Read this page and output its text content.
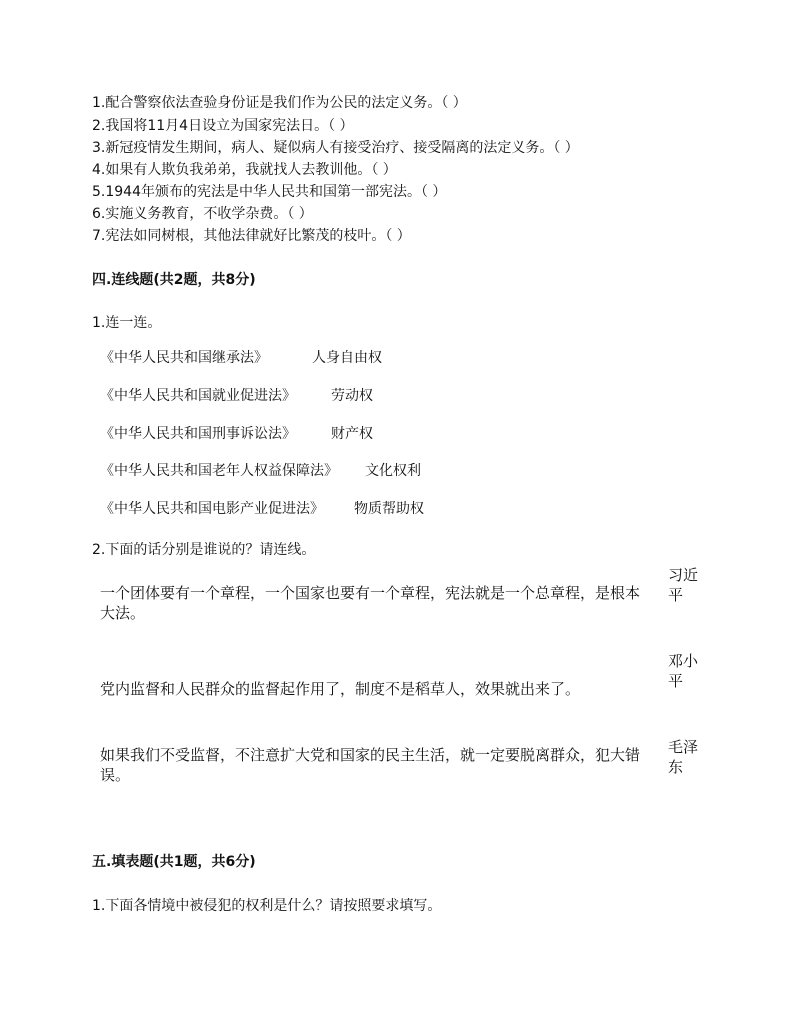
1.配合警察依法查验身份证是我们作为公民的法定义务。（ ）
2.我国将11月4日设立为国家宪法日。（ ）
3.新冠疫情发生期间，病人、疑似病人有接受治疗、接受隔离的法定义务。（ ）
4.如果有人欺负我弟弟，我就找人去教训他。（ ）
5.1944年颁布的宪法是中华人民共和国第一部宪法。（ ）
6.实施义务教育，不收学杂费。（ ）
7.宪法如同树根，其他法律就好比繁茂的枝叶。（ ）
四.连线题(共2题，共8分)
1.连一连。
《中华人民共和国继承法》
《中华人民共和国就业促进法》
《中华人民共和国刑事诉讼法》
《中华人民共和国老年人权益保障法》
《中华人民共和国电影产业促进法》
人身自由权
劳动权
财产权
文化权利
物质帮助权
2.下面的话分别是谁说的？请连线。
一个团体要有一个章程，一个国家也要有一个章程，宪法就是一个总章程，是根本大法。
党内监督和人民群众的监督起作用了，制度不是稻草人，效果就出来了。
如果我们不受监督，不注意扩大党和国家的民主生活，就一定要脱离群众，犯大错误。
习近
平
邓小
平
毛泽
东
五.填表题(共1题，共6分)
1.下面各情境中被侵犯的权利是什么？请按照要求填写。
